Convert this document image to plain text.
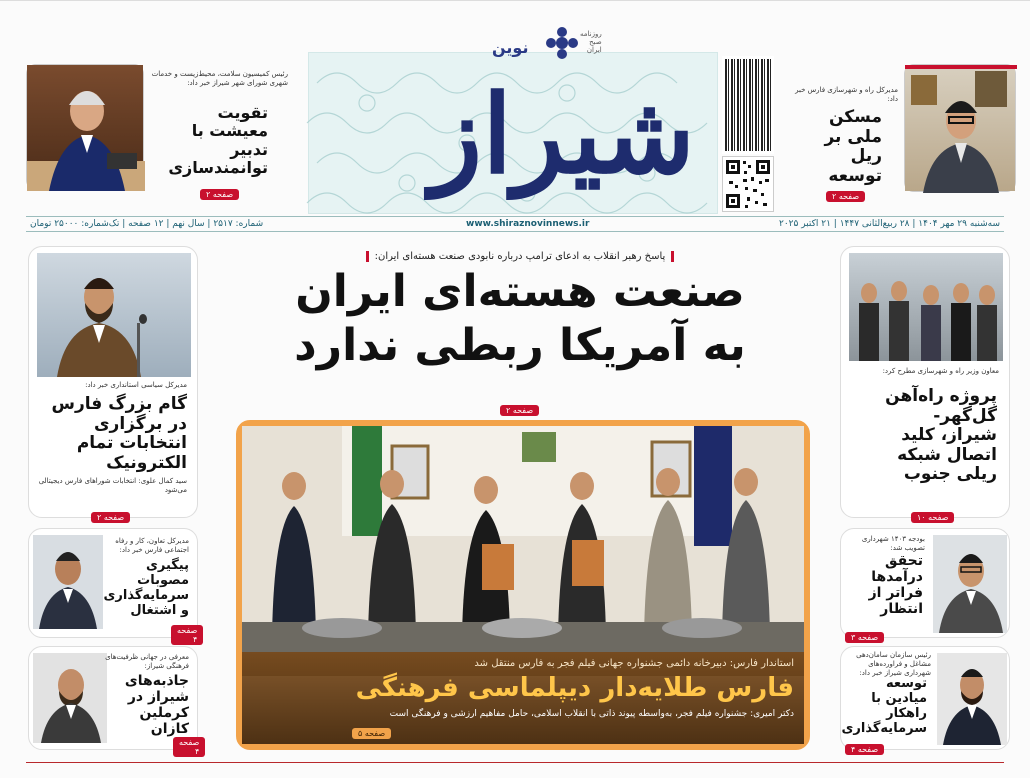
شیراز
نوین
روزنامه صبح ایران
رئیس کمیسیون سلامت، محیط‌زیست و خدمات شهری شورای شهر شیراز خبر داد:
تقویت معیشت با تدبیر توانمندسازی
صفحه ۲
مدیرکل راه و شهرسازی فارس خبر داد:
مسکن ملی بر ریل توسعه
صفحه ۲
سه‌شنبه ۲۹ مهر ۱۴۰۴ | ۲۸ ربیع‌الثانی ۱۴۴۷ | ۲۱ اکتبر ۲۰۲۵
www.shiraznovinnews.ir
شماره: ۲۵۱۷ | سال نهم | ۱۲ صفحه | تک‌شماره: ۲۵۰۰۰ تومان
مدیرکل سیاسی استانداری خبر داد:
گام بزرگ فارس در برگزاری انتخابات تمام الکترونیک
سید کمال علوی: انتخابات شوراهای فارس دیجیتالی می‌شود
صفحه ۲
مدیرکل تعاون، کار و رفاه اجتماعی فارس خبر داد:
پیگیری مصوبات سرمایه‌گذاری و اشتغال
صفحه ۴
معرفی در جهانی ظرفیت‌های فرهنگی شیراز:
جاذبه‌های شیراز در کرملین کازان
صفحه ۴
پاسخ رهبر انقلاب به ادعای ترامپ درباره نابودی صنعت هسته‌ای ایران:
صنعت هسته‌ای ایران
به آمریکا ربطی ندارد
صفحه ۲
استاندار فارس: دبیرخانه دائمی جشنواره جهانی فیلم فجر به فارس منتقل شد
فارس طلایه‌دار دیپلماسی فرهنگی
دکتر امیری: جشنواره فیلم فجر، به‌واسطه پیوند ذاتی با انقلاب اسلامی، حامل مفاهیم ارزشی و فرهنگی است
صفحه ۵
معاون وزیر راه و شهرسازی مطرح کرد:
پروژه راه‌آهن گل‌گهر-شیراز، کلید اتصال شبکه ریلی جنوب
صفحه ۱۰
بودجه ۱۴۰۳ شهرداری تصویب شد:
تحقق درآمدها فراتر از انتظار
صفحه ۳
رئیس سازمان سامان‌دهی مشاغل و فراورده‌های شهرداری شیراز خبر داد:
توسعه میادین با راهکار سرمایه‌گذاری
صفحه ۴
